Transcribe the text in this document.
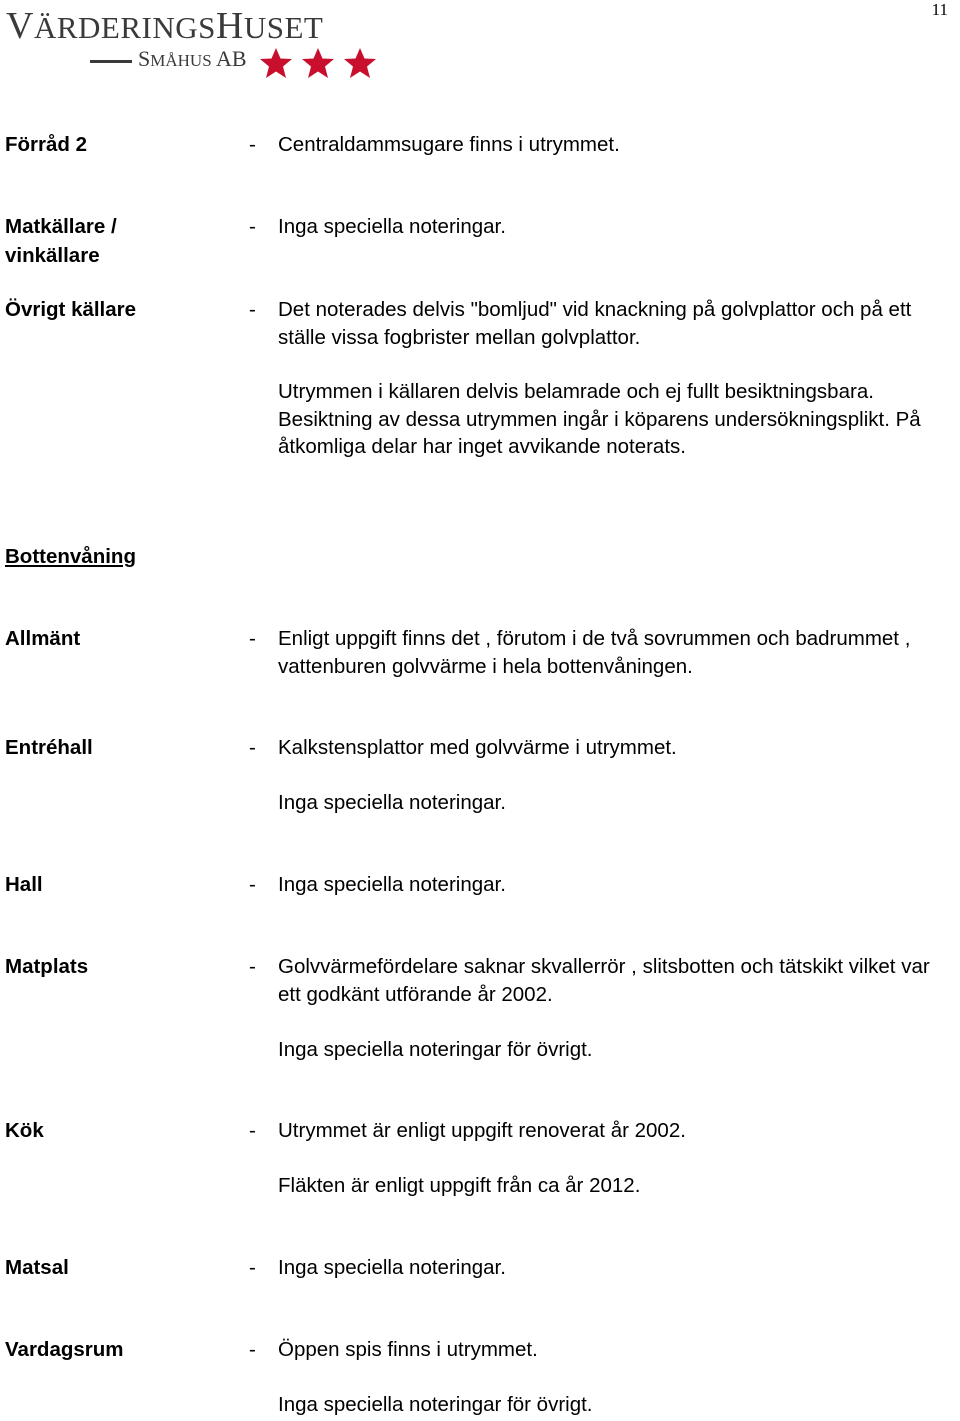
11
VÄRDERINGSHUSET
SMÅHUS AB
Förråd 2	- Centraldammsugare finns i utrymmet.
Matkällare /
vinkällare
- Inga speciella noteringar.
Övrigt källare	- Det noterades delvis "bomljud" vid knackning på golvplattor och på ett ställe vissa fogbrister mellan golvplattor.
Utrymmen i källaren delvis belamrade och ej fullt besiktningsbara. Besiktning av dessa utrymmen ingår i köparens undersökningsplikt. På åtkomliga delar har inget avvikande noterats.
Bottenvåning
Allmänt	- Enligt uppgift finns det , förutom i de två sovrummen och badrummet , vattenburen golvvärme i hela bottenvåningen.
Entréhall	- Kalkstensplattor med golvvärme i utrymmet.
Inga speciella noteringar.
Hall	- Inga speciella noteringar.
Matplats	- Golvvärmefördelare saknar skvallerrör , slitsbotten och tätskikt vilket var ett godkänt utförande år 2002.
Inga speciella noteringar för övrigt.
Kök	- Utrymmet är enligt uppgift renoverat år 2002.
Fläkten är enligt uppgift från ca år 2012.
Matsal	- Inga speciella noteringar.
Vardagsrum	- Öppen spis finns i utrymmet.
Inga speciella noteringar för övrigt.
